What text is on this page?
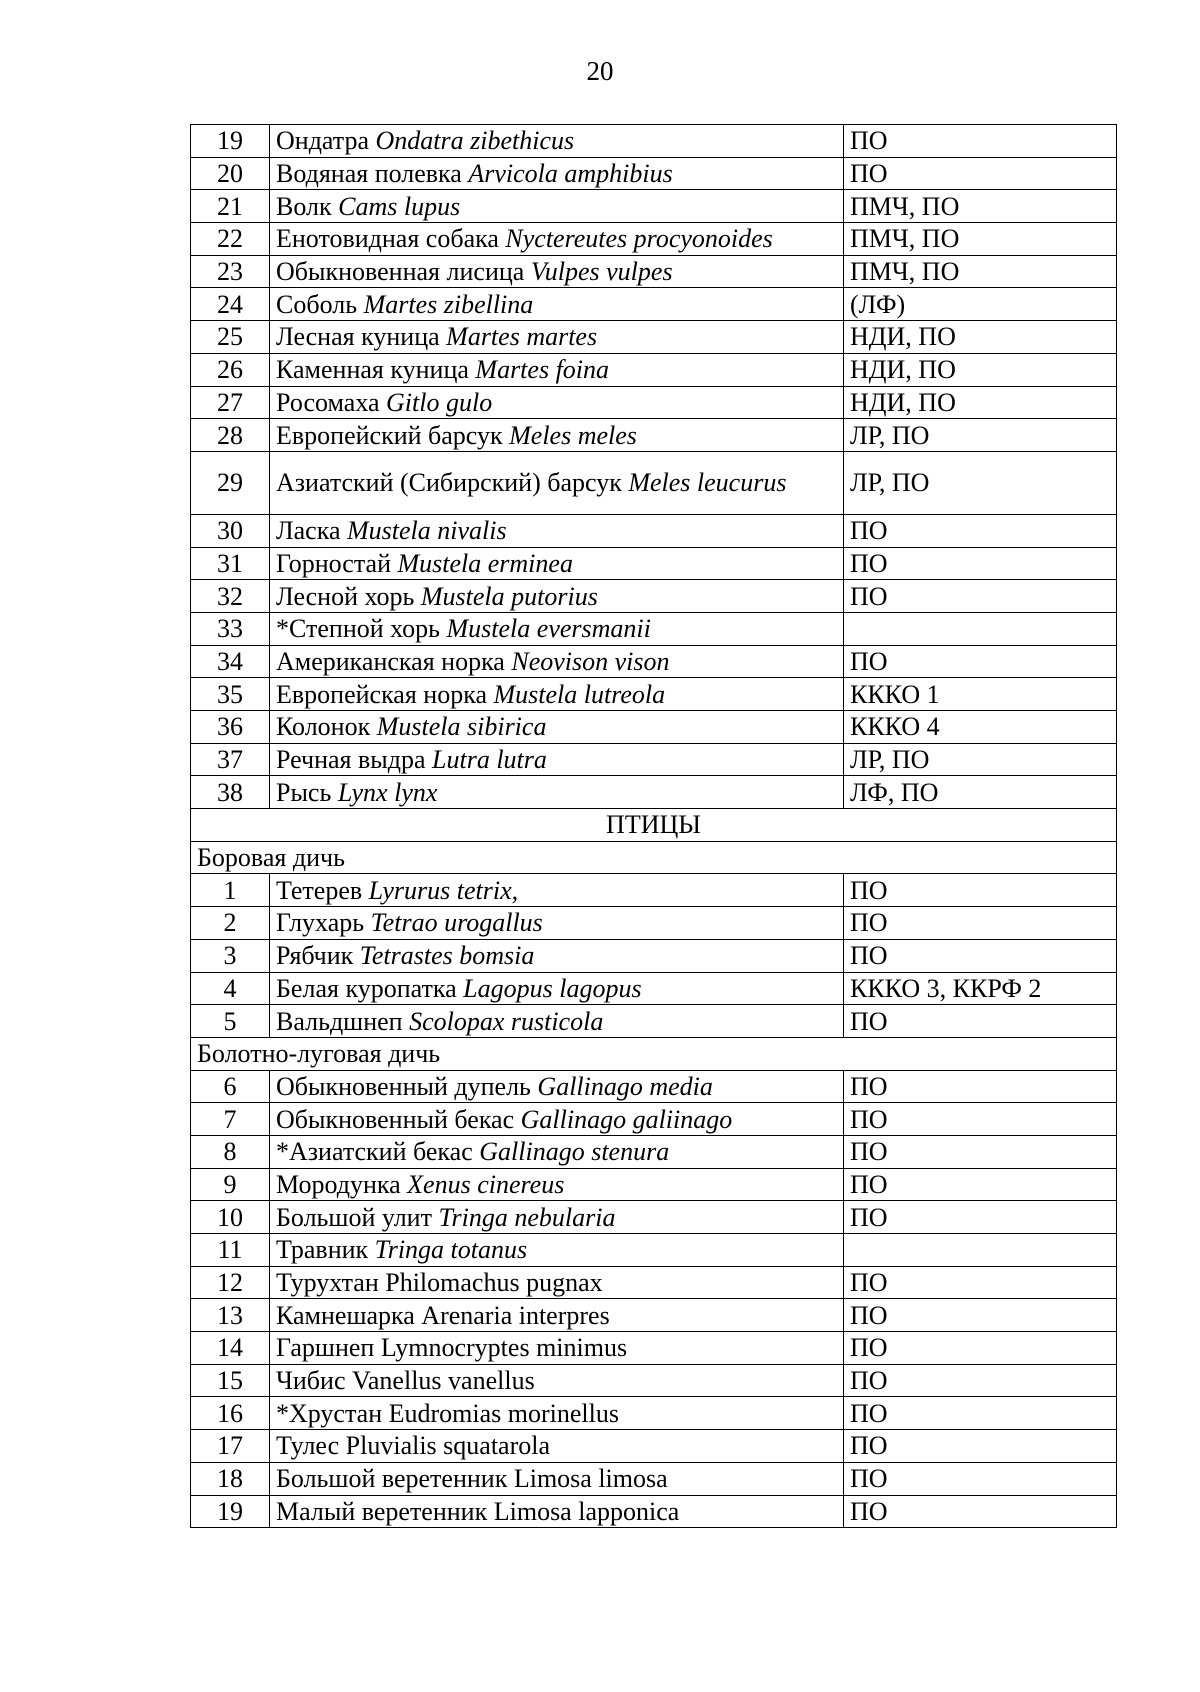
20
19	Ондатра Ondatra zibethicus	ПО
20	Водяная полевка Arvicola amphibius	ПО
21	Волк Cams lupus	ПМЧ, ПО
22	Енотовидная собака Nyctereutes procyonoides	ПМЧ, ПО
23	Обыкновенная лисица Vulpes vulpes	ПМЧ, ПО
24	Соболь Martes zibellina	(ЛФ)
25	Лесная куница Martes martes	НДИ, ПО
26	Каменная куница Martes foina	НДИ, ПО
27	Росомаха Gitlo gulo	НДИ, ПО
28	Европейский барсук Meles meles	ЛР, ПО
29	Азиатский (Сибирский) барсук Meles leucurus	ЛР, ПО
30	Ласка Mustela nivalis	ПО
31	Горностай Mustela erminea	ПО
32	Лесной хорь Mustela putorius	ПО
33	*Степной хорь Mustela eversmanii	
34	Американская норка Neovison vison	ПО
35	Европейская норка Mustela lutreola	КККО 1
36	Колонок Mustela sibirica	КККО 4
37	Речная выдра Lutra lutra	ЛР, ПО
38	Рысь Lynx lynx	ЛФ, ПО
ПТИЦЫ		
Боровая дичь		
1	Тетерев Lyrurus tetrix,	ПО
2	Глухарь Tetrao urogallus	ПО
3	Рябчик Tetrastes bomsia	ПО
4	Белая куропатка Lagopus lagopus	КККО 3, ККРФ 2
5	Вальдшнеп Scolopax rusticola	ПО
Болотно-луговая дичь		
6	Обыкновенный дупель Gallinago media	ПО
7	Обыкновенный бекас Gallinago galiinago	ПО
8	*Азиатский бекас Gallinago stenura	ПО
9	Мородунка Xenus cinereus	ПО
10	Большой улит Tringa nebularia	ПО
11	Травник Tringa totanus	
12	Турухтан Philomachus pugnax	ПО
13	Камнешарка Arenaria interpres	ПО
14	Гаршнеп Lymnocryptes minimus	ПО
15	Чибис Vanellus vanellus	ПО
16	*Хрустан Eudromias morinellus	ПО
17	Тулес Pluvialis squatarola	ПО
18	Большой веретенник Limosa limosa	ПО
19	Малый веретенник Limosa lapponica	ПО
